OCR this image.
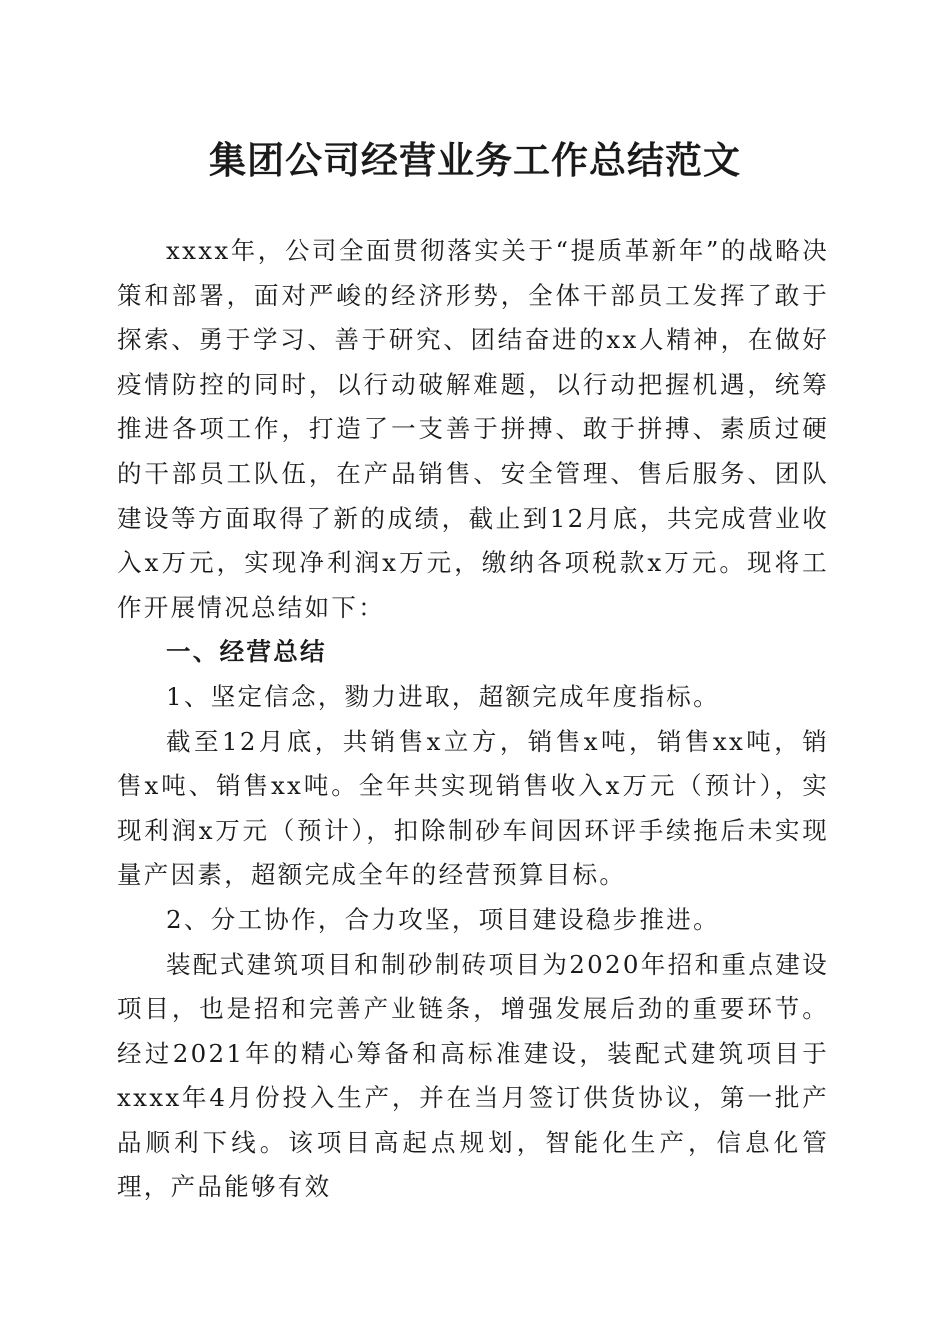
集团公司经营业务工作总结范文

xxxx年，公司全面贯彻落实关于“提质革新年”的战略决策和部署，面对严峻的经济形势，全体干部员工发挥了敢于探索、勇于学习、善于研究、团结奋进的xx人精神，在做好疫情防控的同时，以行动破解难题，以行动把握机遇，统筹推进各项工作，打造了一支善于拼搏、敢于拼搏、素质过硬的干部员工队伍，在产品销售、安全管理、售后服务、团队建设等方面取得了新的成绩，截止到12月底，共完成营业收入x万元，实现净利润x万元，缴纳各项税款x万元。现将工作开展情况总结如下：

一、经营总结

1、坚定信念，勠力进取，超额完成年度指标。

截至12月底，共销售x立方，销售x吨，销售xx吨，销售x吨、销售xx吨。全年共实现销售收入x万元（预计），实现利润x万元（预计），扣除制砂车间因环评手续拖后未实现量产因素，超额完成全年的经营预算目标。

2、分工协作，合力攻坚，项目建设稳步推进。

装配式建筑项目和制砂制砖项目为2020年招和重点建设项目，也是招和完善产业链条，增强发展后劲的重要环节。经过2021年的精心筹备和高标准建设，装配式建筑项目于xxxx年4月份投入生产，并在当月签订供货协议，第一批产品顺利下线。该项目高起点规划，智能化生产，信息化管理，产品能够有效
